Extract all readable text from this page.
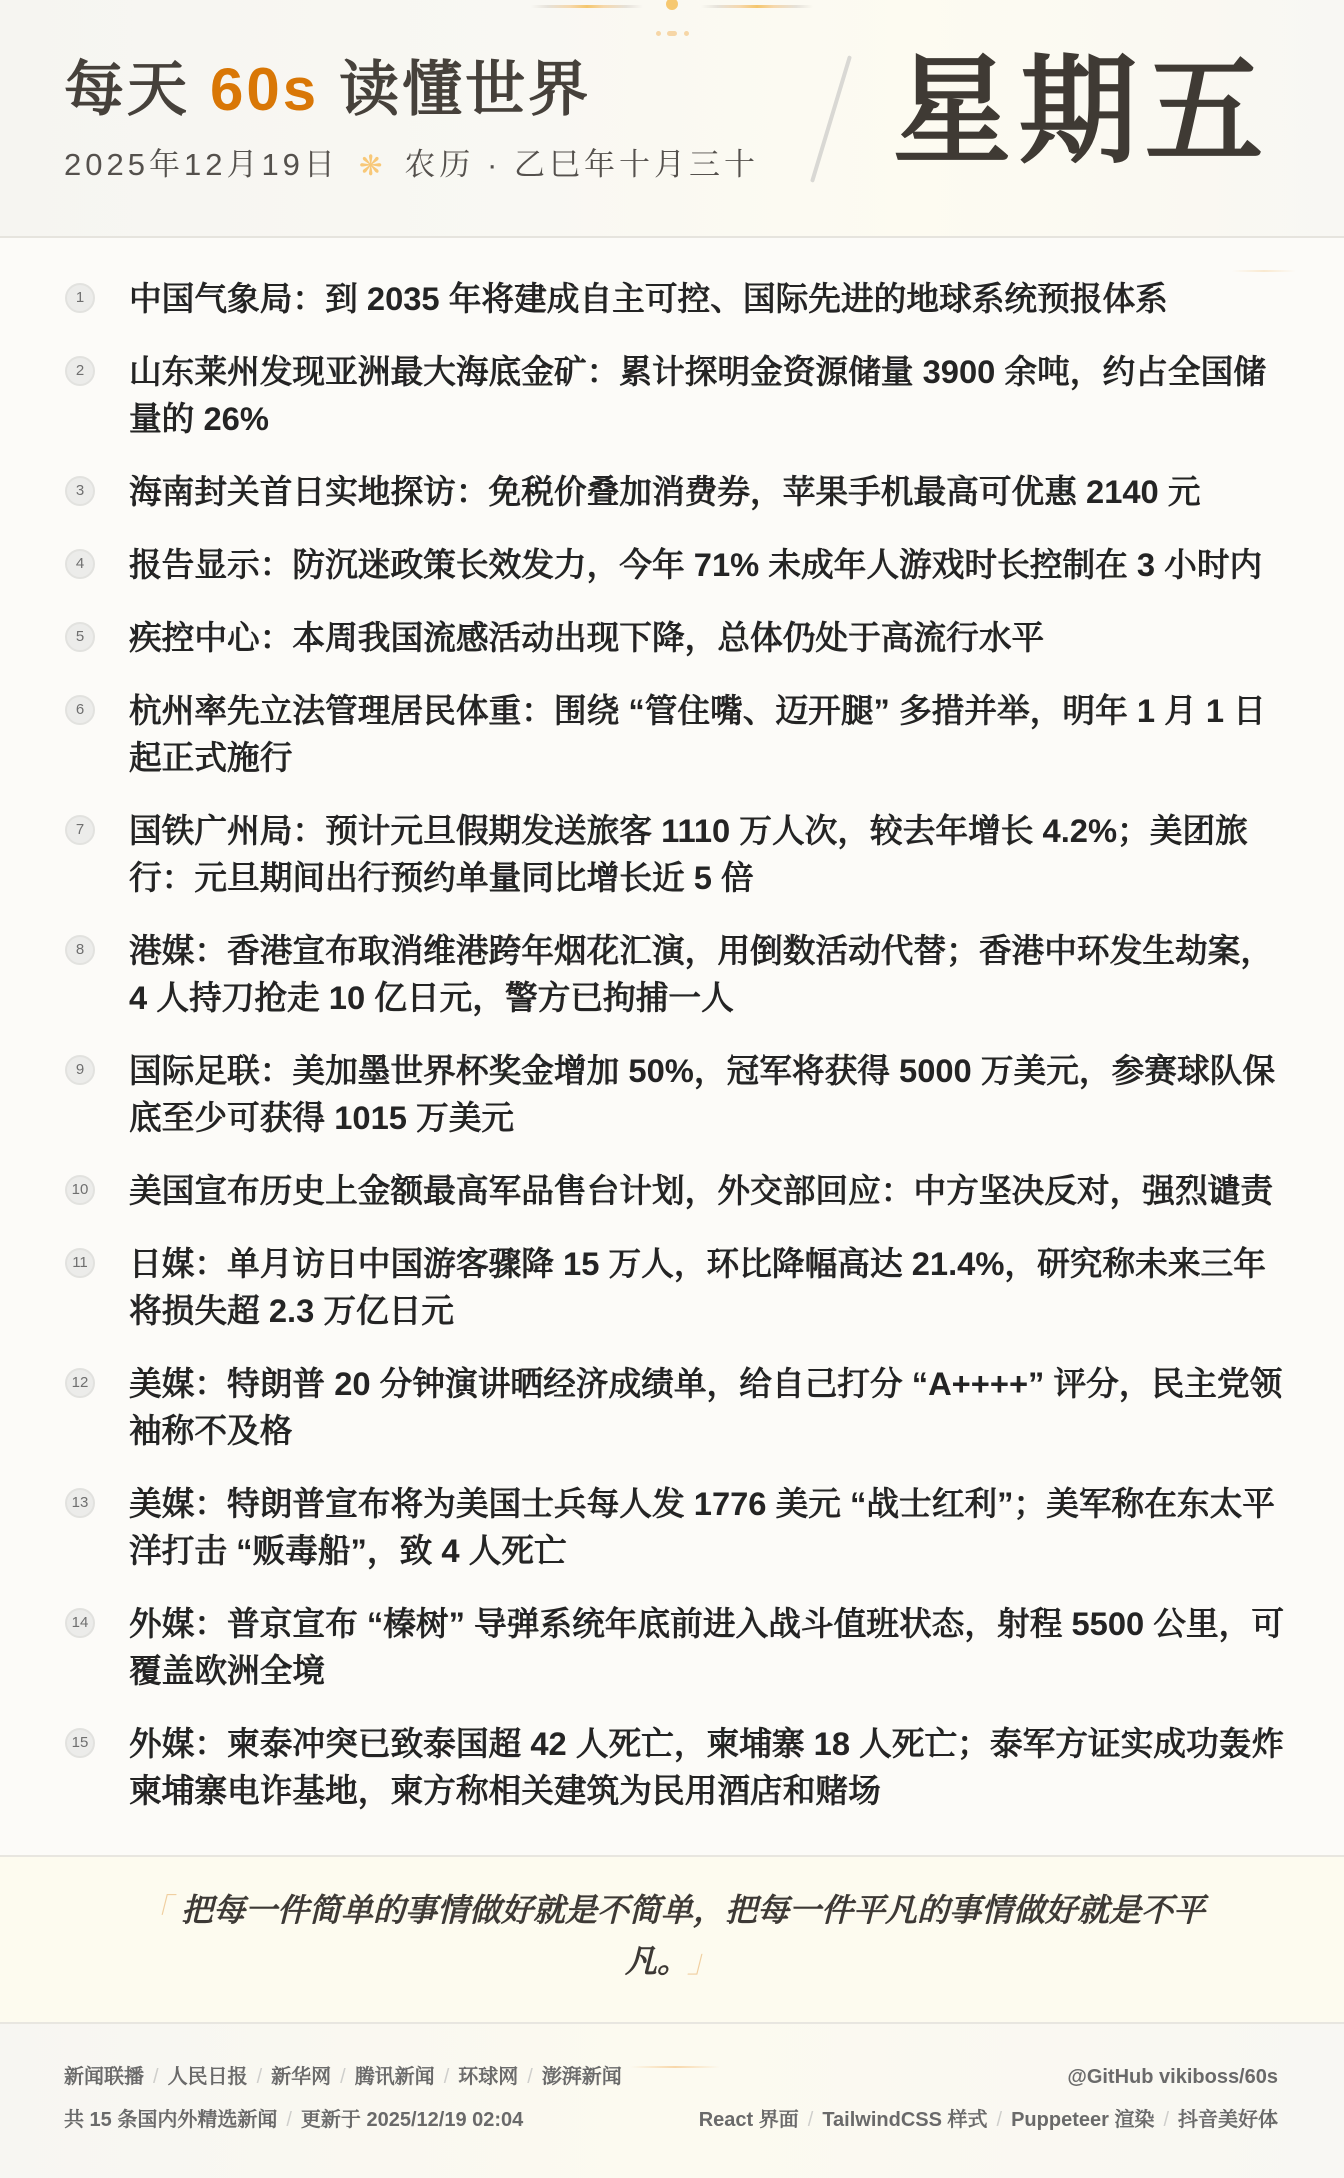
每天 60s 读懂世界
2025年12月19日 ❋ 农历 · 乙巳年十月三十 星期五
1	中国气象局：到 2035 年将建成自主可控、国际先进的地球系统预报体系
2	山东莱州发现亚洲最大海底金矿：累计探明金资源储量 3900 余吨，约占全国储量的 26%
3	海南封关首日实地探访：免税价叠加消费券，苹果手机最高可优惠 2140 元
4	报告显示：防沉迷政策长效发力，今年 71% 未成年人游戏时长控制在 3 小时内
5	疾控中心：本周我国流感活动出现下降，总体仍处于高流行水平
6	杭州率先立法管理居民体重：围绕 “管住嘴、迈开腿” 多措并举，明年 1 月 1 日起正式施行
7	国铁广州局：预计元旦假期发送旅客 1110 万人次，较去年增长 4.2%；美团旅行：元旦期间出行预约单量同比增长近 5 倍
8	港媒：香港宣布取消维港跨年烟花汇演，用倒数活动代替；香港中环发生劫案，4 人持刀抢走 10 亿日元，警方已拘捕一人
9	国际足联：美加墨世界杯奖金增加 50%，冠军将获得 5000 万美元，参赛球队保底至少可获得 1015 万美元
10 美国宣布历史上金额最高军品售台计划，外交部回应：中方坚决反对，强烈谴责
11 日媒：单月访日中国游客骤降 15 万人，环比降幅高达 21.4%，研究称未来三年将损失超 2.3 万亿日元
12 美媒：特朗普 20 分钟演讲晒经济成绩单，给自己打分 “A++++” 评分，民主党领袖称不及格
13 美媒：特朗普宣布将为美国士兵每人发 1776 美元 “战士红利”；美军称在东太平洋打击 “贩毒船”，致 4 人死亡
14 外媒：普京宣布 “榛树” 导弹系统年底前进入战斗值班状态，射程 5500 公里，可覆盖欧洲全境
15 外媒：柬泰冲突已致泰国超 42 人死亡，柬埔寨 18 人死亡；泰军方证实成功轰炸柬埔寨电诈基地，柬方称相关建筑为民用酒店和赌场

「 把每一件简单的事情做好就是不简单，把每一件平凡的事情做好就是不平凡。 」

新闻联播 / 人民日报 / 新华网 / 腾讯新闻 / 环球网 / 澎湃新闻	@GitHub vikiboss/60s
共 15 条国内外精选新闻 / 更新于 2025/12/19 02:04	React 界面 / TailwindCSS 样式 / Puppeteer 渲染 / 抖音美好体
